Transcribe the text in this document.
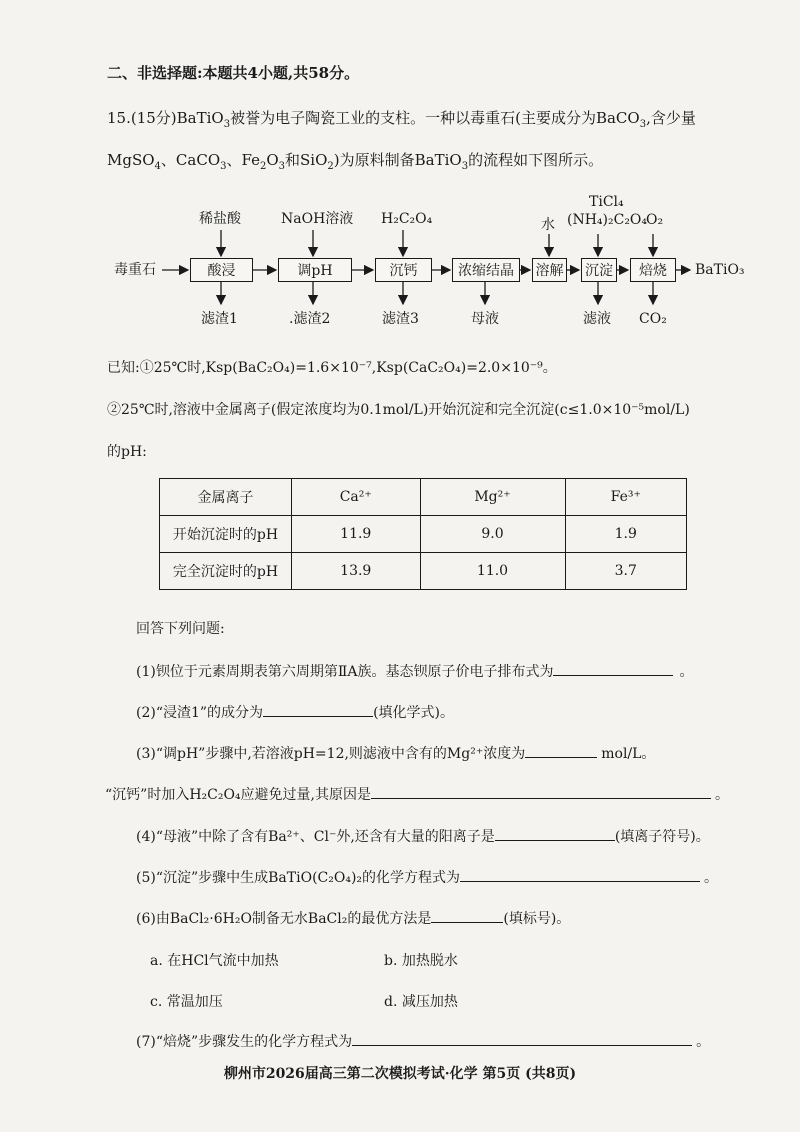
二、非选择题:本题共4小题,共58分。
15.(15分)BaTiO$_3$被誉为电子陶瓷工业的支柱。一种以毒重石(主要成分为BaCO$_3$,含少量
MgSO$_4$、CaCO$_3$、$Fe_2O_3$和SiO$_2$)为原料制备BaTiO$_3$的流程如下图所示。
毒重石	BaTiO₃
酸浸	调pH	沉钙	浓缩结晶	溶解 沉淀	焙烧
稀盐酸	NaOH溶液 H₂C₂O₄	水
TiCl₄
(NH₄)₂C₂O₄
O₂
滤渣1	.滤渣2	滤渣3	母液	滤液 CO₂
已知:①25℃时,Ksp(BaC₂O₄)=1.6×10⁻⁷,Ksp(CaC₂O₄)=2.0×10⁻⁹。
②25℃时,溶液中金属离子(假定浓度均为0.1mol/L)开始沉淀和完全沉淀(c≤1.0×10⁻⁵mol/L)
的pH:
金属离子	Ca²⁺	Mg²⁺	Fe³⁺
开始沉淀时的pH	11.9	9.0	1.9
完全沉淀时的pH	13.9	11.0	3.7
回答下列问题:
(1)钡位于元素周期表第六周期第ⅡA族。基态钡原子价电子排布式为	。
(2)“浸渣1”的成分为	(填化学式)。
(3)“调pH”步骤中,若溶液pH=12,则滤液中含有的Mg²⁺浓度为	mol/L。
“沉钙”时加入H₂C₂O₄应避免过量,其原因是	。
(4)“母液”中除了含有Ba²⁺、Cl⁻外,还含有大量的阳离子是	(填离子符号)。
(5)“沉淀”步骤中生成BaTiO(C₂O₄)₂的化学方程式为	。
(6)由BaCl₂·6H₂O制备无水BaCl₂的最优方法是	(填标号)。
a. 在HCl气流中加热	b. 加热脱水
c. 常温加压	d. 减压加热
(7)“焙烧”步骤发生的化学方程式为	。
柳州市2026届高三第二次模拟考试·化学 第5页 (共8页)
